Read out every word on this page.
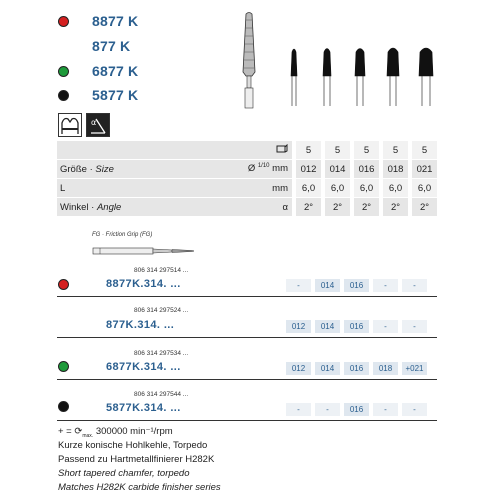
8877 K
877 K
6877 K
5877 K
α
			5		5		5		5		5
Größe · Size	Ø $^{1/10}$ mm		012		014		016		018		021
L	mm		6,0		6,0		6,0		6,0		6,0
Winkel · Angle	α		2°		2°		2°		2°		2°
FG · Friction Grip (FG)
806 314 297514 ...
8877K.314. ...	-	014	016	-	-
806 314 297524 ...
877K.314. ...	012	014	016	-	-
806 314 297534 ...
6877K.314. ...	012	014	016	018	+021
806 314 297544 ...
5877K.314. ...	-	-	016	-	-
+ = $⟳_{max.}$ 300000 min⁻¹/rpm
Kurze konische Hohlkehle, Torpedo
Passend zu Hartmetallfinierer H282K
Short tapered chamfer, torpedo
Matches H282K carbide finisher series
